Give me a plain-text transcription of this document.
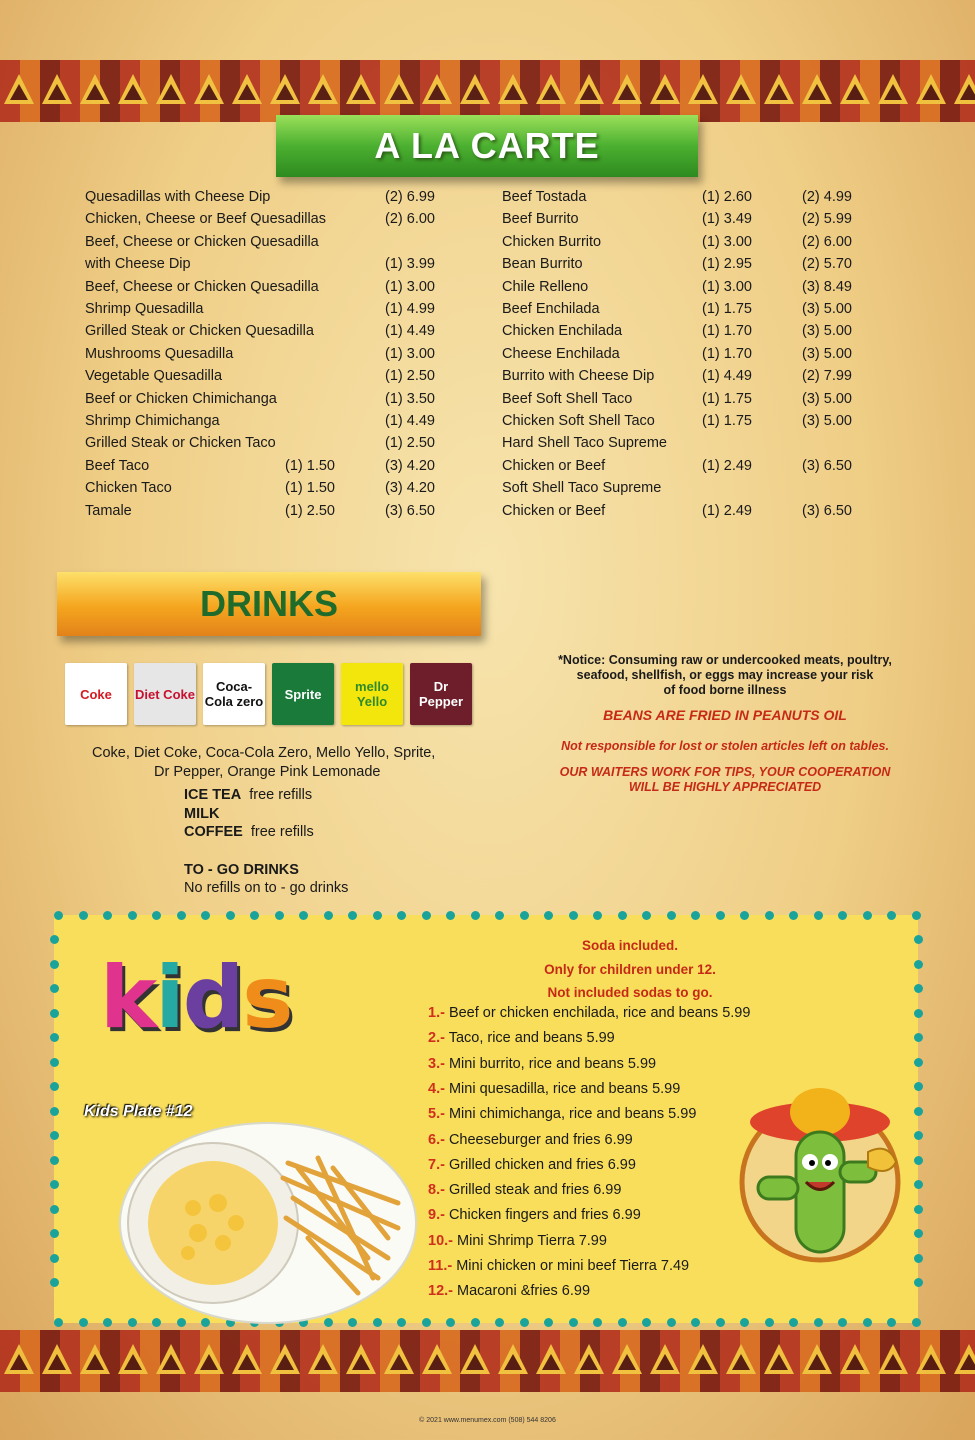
A LA CARTE
Quesadillas with Cheese Dip	(2) 6.99
Chicken, Cheese or Beef Quesadillas	(2) 6.00
Beef, Cheese or Chicken Quesadilla
with Cheese Dip	(1) 3.99
Beef, Cheese or Chicken Quesadilla	(1) 3.00
Shrimp Quesadilla	(1) 4.99
Grilled Steak or Chicken Quesadilla	(1) 4.49
Mushrooms Quesadilla	(1) 3.00
Vegetable Quesadilla	(1) 2.50
Beef or Chicken Chimichanga	(1) 3.50
Shrimp Chimichanga	(1) 4.49
Grilled Steak or Chicken Taco	(1) 2.50
Beef Taco	(1) 1.50	(3) 4.20
Chicken Taco	(1) 1.50	(3) 4.20
Tamale	(1) 2.50	(3) 6.50
Beef Tostada	(1) 2.60	(2) 4.99
Beef Burrito	(1) 3.49	(2) 5.99
Chicken Burrito	(1) 3.00	(2) 6.00
Bean Burrito	(1) 2.95	(2) 5.70
Chile Relleno	(1) 3.00	(3) 8.49
Beef Enchilada	(1) 1.75	(3) 5.00
Chicken Enchilada	(1) 1.70	(3) 5.00
Cheese Enchilada	(1) 1.70	(3) 5.00
Burrito with Cheese Dip	(1) 4.49	(2) 7.99
Beef Soft Shell Taco	(1) 1.75	(3) 5.00
Chicken Soft Shell Taco	(1) 1.75	(3) 5.00
Hard Shell Taco Supreme
Chicken or Beef	(1) 2.49	(3) 6.50
Soft Shell Taco Supreme
Chicken or Beef	(1) 2.49	(3) 6.50
DRINKS
Coke	Diet Coke	Coca-Cola zero	Sprite	mello Yello
Dr Pepper
Coke, Diet Coke, Coca-Cola Zero, Mello Yello, Sprite,
Dr Pepper, Orange Pink Lemonade
ICE TEA free refills
MILK
COFFEE free refills
TO - GO DRINKS
No refills on to - go drinks
*Notice: Consuming raw or undercooked meats, poultry,
seafood, shellfish, or eggs may increase your risk
of food borne illness
BEANS ARE FRIED IN PEANUTS OIL
Not responsible for lost or stolen articles left on tables.
OUR WAITERS WORK FOR TIPS, YOUR COOPERATION
WILL BE HIGHLY APPRECIATED
kids
Kids Plate #12
Soda included.
Only for children under 12.
Not included sodas to go.
1.- Beef or chicken enchilada, rice and beans 5.99
2.- Taco, rice and beans 5.99
3.- Mini burrito, rice and beans 5.99
4.- Mini quesadilla, rice and beans 5.99
5.- Mini chimichanga, rice and beans 5.99
6.- Cheeseburger and fries 6.99
7.- Grilled chicken and fries 6.99
8.- Grilled steak and fries 6.99
9.- Chicken fingers and fries 6.99
10.- Mini Shrimp Tierra 7.99
11.- Mini chicken or mini beef Tierra 7.49
12.- Macaroni &fries 6.99
© 2021 www.menumex.com (508) 544 8206
